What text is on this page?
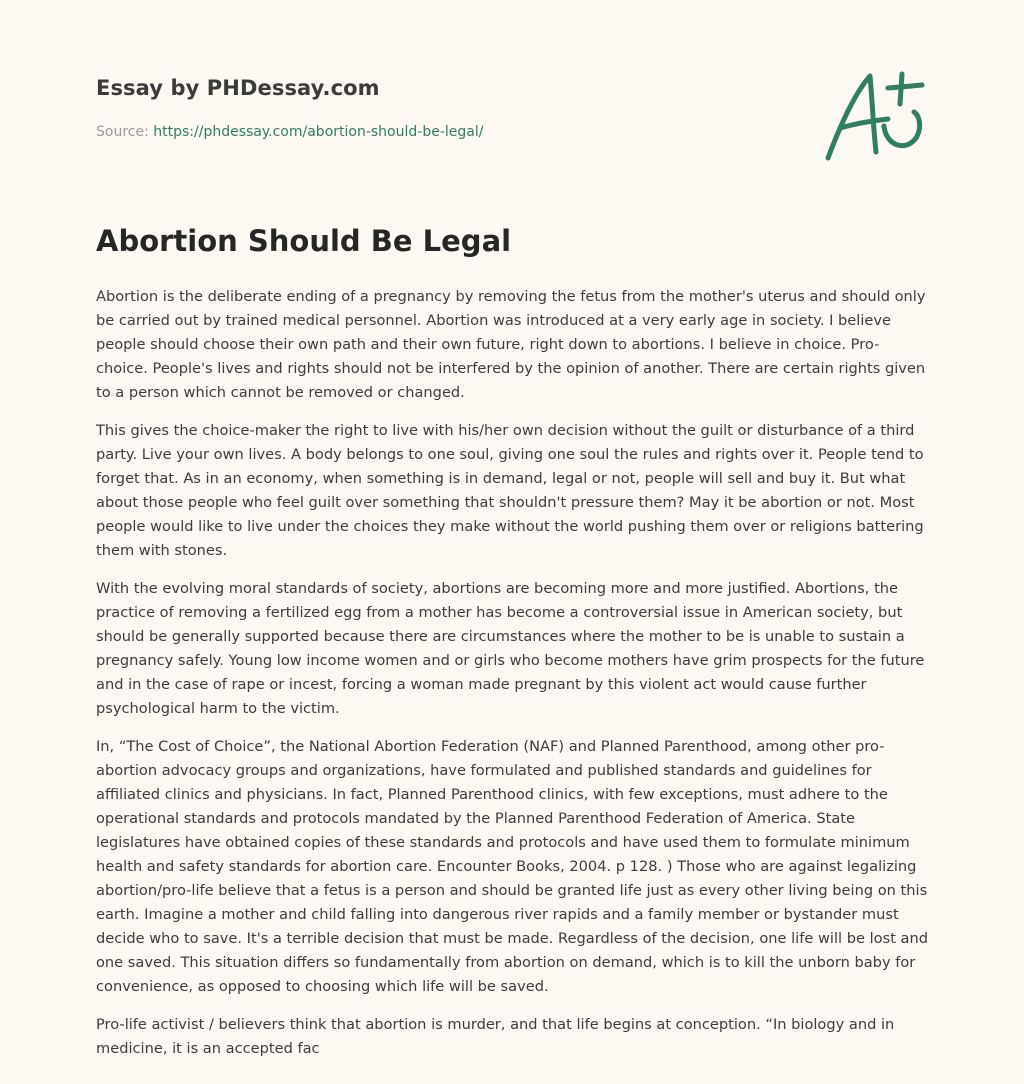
Essay by PHDessay.com
Source: https://phdessay.com/abortion-should-be-legal/
Abortion Should Be Legal

Abortion is the deliberate ending of a pregnancy by removing the fetus from the mother's uterus and should only be carried out by trained medical personnel. Abortion was introduced at a very early age in society. I believe people should choose their own path and their own future, right down to abortions. I believe in choice. Pro-choice. People's lives and rights should not be interfered by the opinion of another. There are certain rights given to a person which cannot be removed or changed.

This gives the choice-maker the right to live with his/her own decision without the guilt or disturbance of a third party. Live your own lives. A body belongs to one soul, giving one soul the rules and rights over it. People tend to forget that. As in an economy, when something is in demand, legal or not, people will sell and buy it. But what about those people who feel guilt over something that shouldn't pressure them? May it be abortion or not. Most people would like to live under the choices they make without the world pushing them over or religions battering them with stones.

With the evolving moral standards of society, abortions are becoming more and more justified. Abortions, the practice of removing a fertilized egg from a mother has become a controversial issue in American society, but should be generally supported because there are circumstances where the mother to be is unable to sustain a pregnancy safely. Young low income women and or girls who become mothers have grim prospects for the future and in the case of rape or incest, forcing a woman made pregnant by this violent act would cause further psychological harm to the victim.

In, “The Cost of Choice”, the National Abortion Federation (NAF) and Planned Parenthood, among other pro-abortion advocacy groups and organizations, have formulated and published standards and guidelines for affiliated clinics and physicians. In fact, Planned Parenthood clinics, with few exceptions, must adhere to the operational standards and protocols mandated by the Planned Parenthood Federation of America. State legislatures have obtained copies of these standards and protocols and have used them to formulate minimum health and safety standards for abortion care. Encounter Books, 2004. p 128. ) Those who are against legalizing abortion/pro-life believe that a fetus is a person and should be granted life just as every other living being on this earth. Imagine a mother and child falling into dangerous river rapids and a family member or bystander must decide who to save. It's a terrible decision that must be made. Regardless of the decision, one life will be lost and one saved. This situation differs so fundamentally from abortion on demand, which is to kill the unborn baby for convenience, as opposed to choosing which life will be saved.

Pro-life activist / believers think that abortion is murder, and that life begins at conception. “In biology and in medicine, it is an accepted fac
